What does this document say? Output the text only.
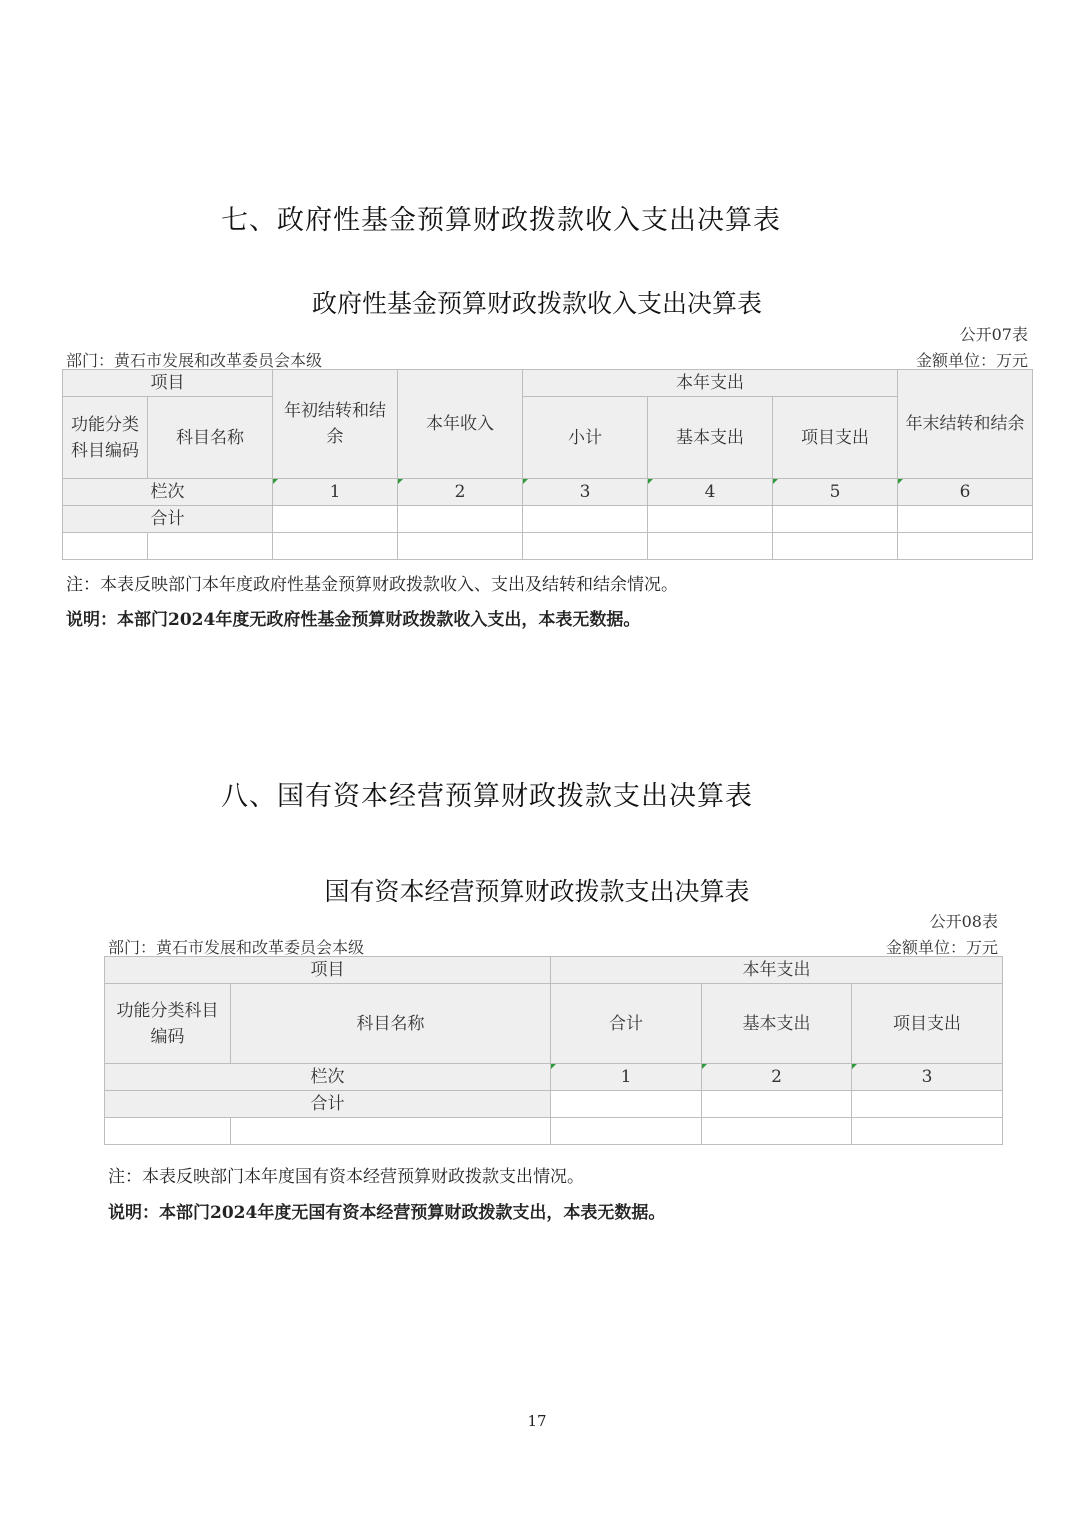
七、政府性基金预算财政拨款收入支出决算表
政府性基金预算财政拨款收入支出决算表
公开07表
部门：黄石市发展和改革委员会本级	金额单位：万元
项目		年初结转和结余	本年收入	本年支出			年末结转和结余
功能分类科目编码	科目名称			小计	基本支出	项目支出	
栏次		1	2	3	4	5	6
合计							

注：本表反映部门本年度政府性基金预算财政拨款收入、支出及结转和结余情况。
说明：本部门2024年度无政府性基金预算财政拨款收入支出，本表无数据。
八、国有资本经营预算财政拨款支出决算表
国有资本经营预算财政拨款支出决算表
公开08表
部门：黄石市发展和改革委员会本级	金额单位：万元
项目		本年支出		
功能分类科目编码	科目名称	合计	基本支出	项目支出
栏次		1	2	3
合计				

注：本表反映部门本年度国有资本经营预算财政拨款支出情况。
说明：本部门2024年度无国有资本经营预算财政拨款支出，本表无数据。
17
